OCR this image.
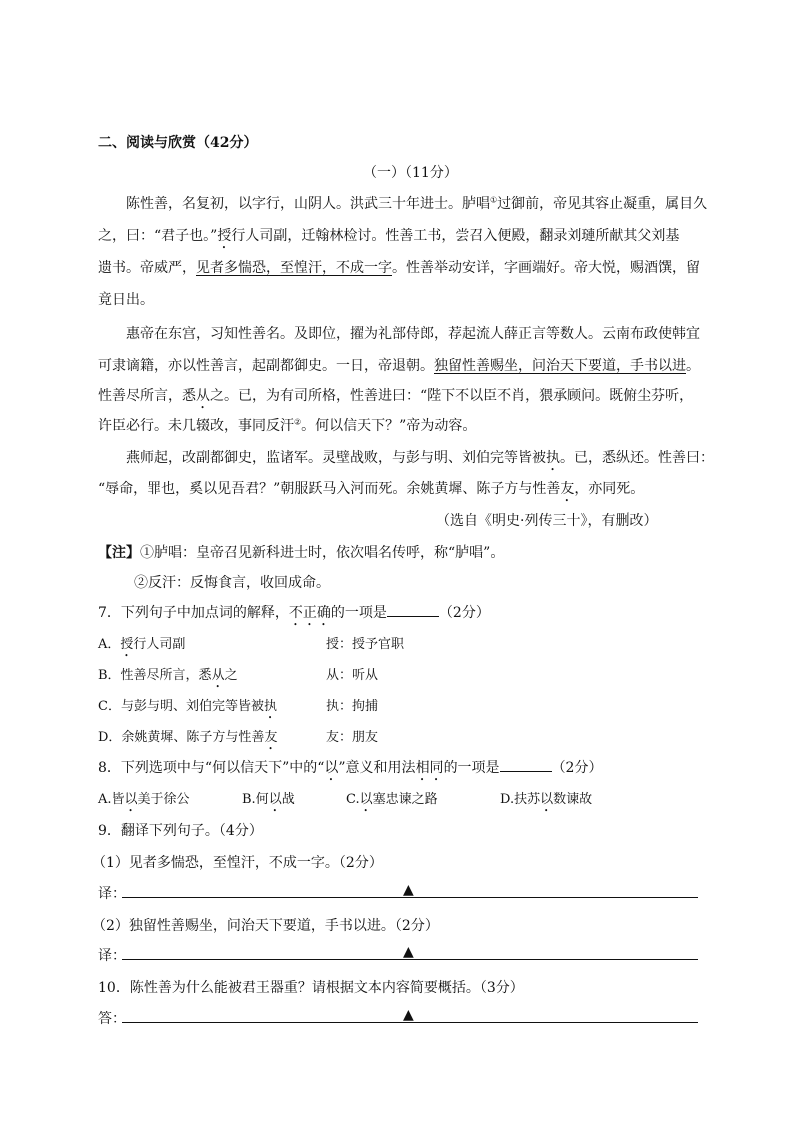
二、阅读与欣赏（42分）
（一）（11分）
陈性善，名复初，以字行，山阴人。洪武三十年进士。胪唱①过御前，帝见其容止凝重，属目久
之，曰：“君子也。”授行人司副，迁翰林检讨。性善工书，尝召入便殿，翻录刘璉所献其父刘基
遗书。帝威严，见者多惴恐，至惶汗，不成一字。性善举动安详，字画端好。帝大悦，赐酒馔，留
竟日出。
惠帝在东宫，习知性善名。及即位，擢为礼部侍郎，荐起流人薛正言等数人。云南布政使韩宜
可隶谪籍，亦以性善言，起副都御史。一日，帝退朝。独留性善赐坐，问治天下要道，手书以进。
性善尽所言，悉从之。已，为有司所格，性善进曰：“陛下不以臣不肖，猥承顾问。既俯尘芬听，
许臣必行。未几辍改，事同反汗②。何以信天下？”帝为动容。
燕师起，改副都御史，监诸军。灵壁战败，与彭与明、刘伯完等皆被执。已，悉纵还。性善曰：
“辱命，罪也，奚以见吾君？”朝服跃马入河而死。余姚黄墀、陈子方与性善友，亦同死。
（选自《明史·列传三十》，有删改）
【注】①胪唱：皇帝召见新科进士时，依次唱名传呼，称“胪唱”。
②反汗：反悔食言，收回成命。
7．下列句子中加点词的解释，不正确的一项是	（2分）
A．授行人司副	授：授予官职
B．性善尽所言，悉从之	从：听从
C．与彭与明、刘伯完等皆被执	执：拘捕
D．余姚黄墀、陈子方与性善友	友：朋友
8．下列选项中与“何以信天下”中的“以”意义和用法相同的一项是	（2分）
A.皆以美于徐公	B.何以战	C.以塞忠谏之路	D.扶苏以数谏故
9．翻译下列句子。（4分）
（1）见者多惴恐，至惶汗，不成一字。（2分）
译：	▲
（2）独留性善赐坐，问治天下要道，手书以进。（2分）
译：	▲
10．陈性善为什么能被君王器重？请根据文本内容简要概括。（3分）
答：	▲
